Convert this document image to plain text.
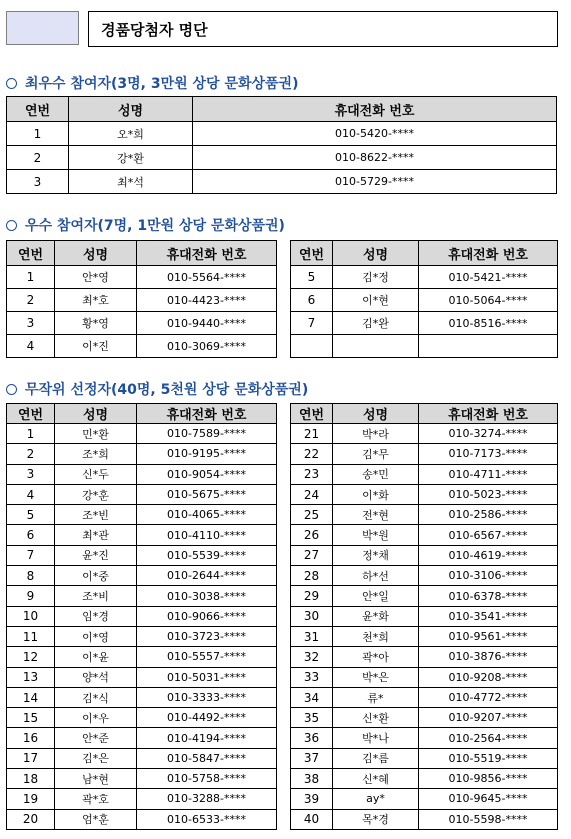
경품당첨자 명단
최우수 참여자(3명, 3만원 상당 문화상품권)
연번	성명	휴대전화 번호
1	오*희	010-5420-****
2	강*환	010-8622-****
3	최*석	010-5729-****
우수 참여자(7명, 1만원 상당 문화상품권)
연번	성명	휴대전화 번호
1	안*영	010-5564-****
2	최*호	010-4423-****
3	황*영	010-9440-****
4	이*진	010-3069-****
연번	성명	휴대전화 번호
5	김*정	010-5421-****
6	이*현	010-5064-****
7	김*완	010-8516-****

무작위 선정자(40명, 5천원 상당 문화상품권)
연번	성명	휴대전화 번호
1	민*환	010-7589-****
2	조*희	010-9195-****
3	신*두	010-9054-****
4	강*훈	010-5675-****
5	조*빈	010-4065-****
6	최*관	010-4110-****
7	윤*진	010-5539-****
8	이*중	010-2644-****
9	조*비	010-3038-****
10	임*경	010-9066-****
11	이*영	010-3723-****
12	이*윤	010-5557-****
13	양*석	010-5031-****
14	김*식	010-3333-****
15	이*우	010-4492-****
16	안*준	010-4194-****
17	김*은	010-5847-****
18	남*현	010-5758-****
19	곽*호	010-3288-****
20	엄*훈	010-6533-****
연번	성명	휴대전화 번호
21	박*라	010-3274-****
22	김*무	010-7173-****
23	송*민	010-4711-****
24	이*화	010-5023-****
25	전*현	010-2586-****
26	박*원	010-6567-****
27	정*채	010-4619-****
28	하*선	010-3106-****
29	안*일	010-6378-****
30	윤*화	010-3541-****
31	천*희	010-9561-****
32	곽*아	010-3876-****
33	박*은	010-9208-****
34	류*	010-4772-****
35	신*환	010-9207-****
36	박*나	010-2564-****
37	김*름	010-5519-****
38	신*혜	010-9856-****
39	ay*	010-9645-****
40	목*경	010-5598-****
